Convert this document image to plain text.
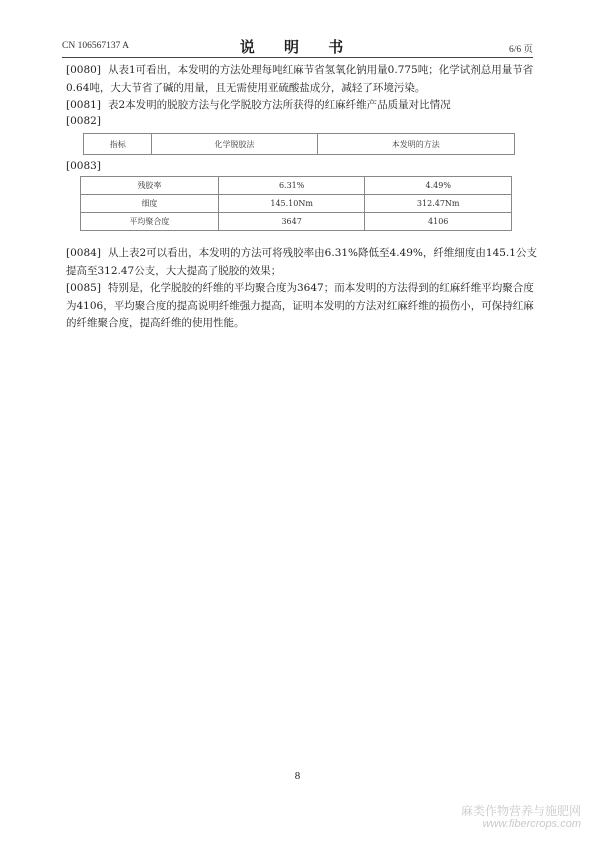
CN 106567137 A	说 明 书	6/6 页
[0080] 从表1可看出，本发明的方法处理每吨红麻节省氢氧化钠用量0.775吨；化学试剂总用量节省0.64吨，大大节省了碱的用量，且无需使用亚硫酸盐成分，减轻了环境污染。
[0081] 表2本发明的脱胶方法与化学脱胶方法所获得的红麻纤维产品质量对比情况
[0082]
指标	化学脱胶法	本发明的方法
[0083]
残胶率	6.31%	4.49%
细度	145.10Nm	312.47Nm
平均聚合度	3647	4106
[0084] 从上表2可以看出，本发明的方法可将残胶率由6.31%降低至4.49%，纤维细度由145.1公支提高至312.47公支，大大提高了脱胶的效果；
[0085] 特别是，化学脱胶的纤维的平均聚合度为3647；而本发明的方法得到的红麻纤维平均聚合度为4106，平均聚合度的提高说明纤维强力提高，证明本发明的方法对红麻纤维的损伤小，可保持红麻的纤维聚合度，提高纤维的使用性能。
8
麻类作物营养与施肥网
www.fibercrops.com
